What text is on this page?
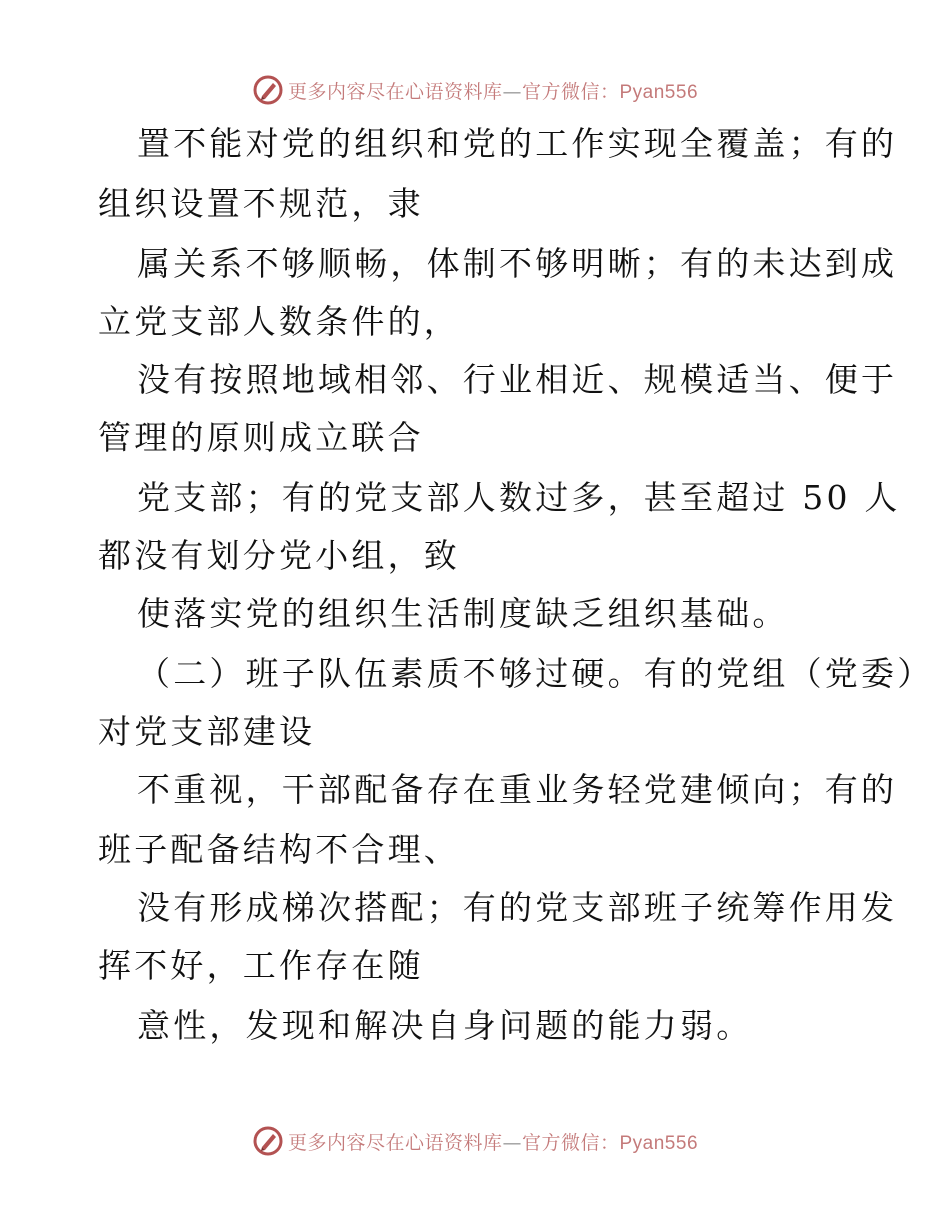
更多内容尽在心语资料库—官方微信：Pyan556
置不能对党的组织和党的工作实现全覆盖；有的
组织设置不规范，隶
属关系不够顺畅，体制不够明晰；有的未达到成
立党支部人数条件的，
没有按照地域相邻、行业相近、规模适当、便于
管理的原则成立联合
党支部；有的党支部人数过多，甚至超过 50 人
都没有划分党小组，致
使落实党的组织生活制度缺乏组织基础。
（二）班子队伍素质不够过硬。有的党组（党委）
对党支部建设
不重视，干部配备存在重业务轻党建倾向；有的
班子配备结构不合理、
没有形成梯次搭配；有的党支部班子统筹作用发
挥不好，工作存在随
意性，发现和解决自身问题的能力弱。
更多内容尽在心语资料库—官方微信：Pyan556
